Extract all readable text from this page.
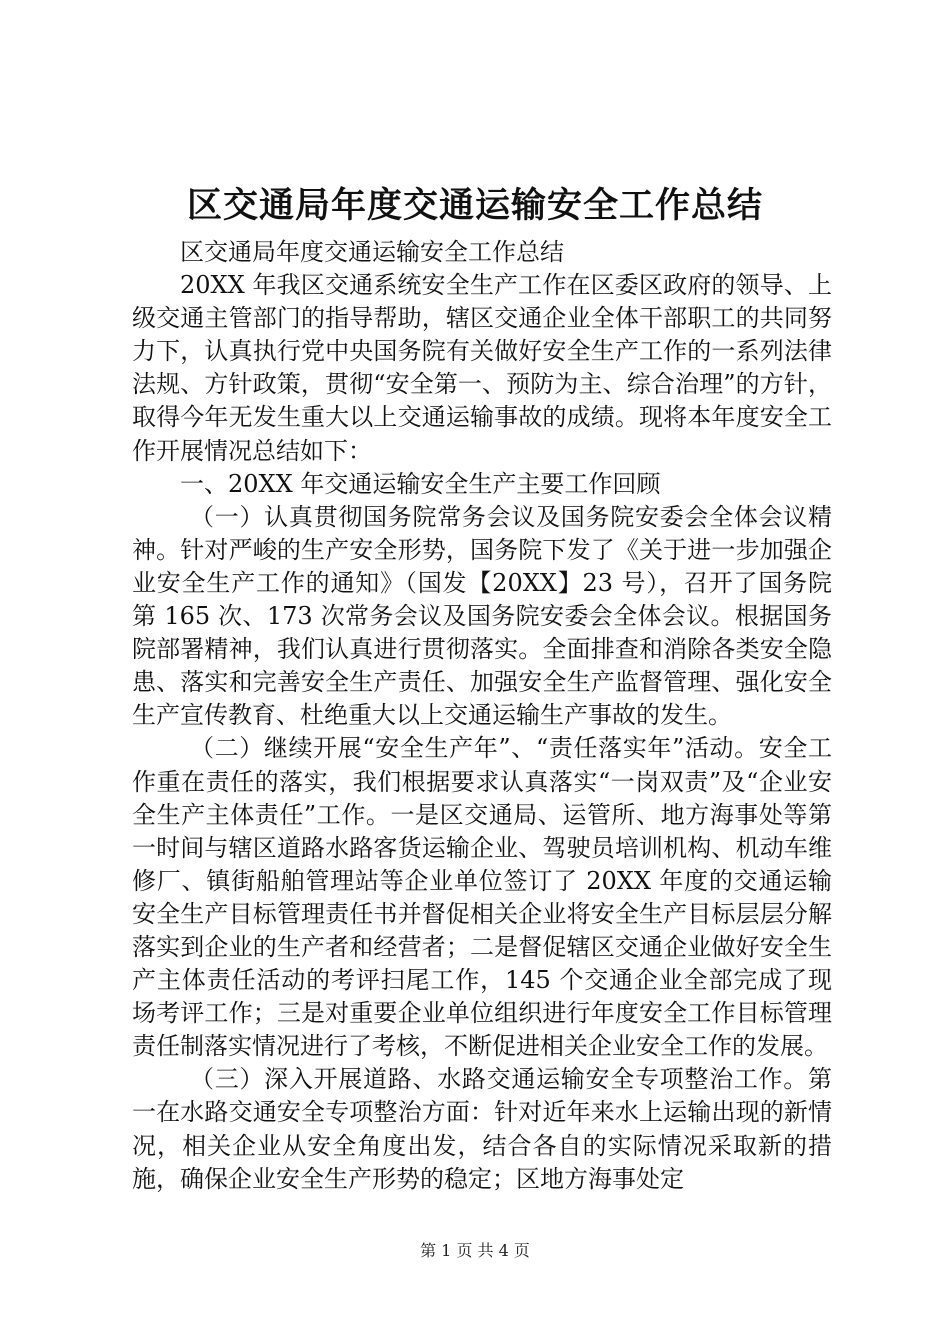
区交通局年度交通运输安全工作总结

区交通局年度交通运输安全工作总结

20XX 年我区交通系统安全生产工作在区委区政府的领导、上级交通主管部门的指导帮助，辖区交通企业全体干部职工的共同努力下，认真执行党中央国务院有关做好安全生产工作的一系列法律法规、方针政策，贯彻“安全第一、预防为主、综合治理”的方针，取得今年无发生重大以上交通运输事故的成绩。现将本年度安全工作开展情况总结如下：

一、20XX 年交通运输安全生产主要工作回顾

（一）认真贯彻国务院常务会议及国务院安委会全体会议精神。针对严峻的生产安全形势，国务院下发了《关于进一步加强企业安全生产工作的通知》（国发【20XX】23 号），召开了国务院第 165 次、173 次常务会议及国务院安委会全体会议。根据国务院部署精神，我们认真进行贯彻落实。全面排查和消除各类安全隐患、落实和完善安全生产责任、加强安全生产监督管理、强化安全生产宣传教育、杜绝重大以上交通运输生产事故的发生。

（二）继续开展“安全生产年”、“责任落实年”活动。安全工作重在责任的落实，我们根据要求认真落实“一岗双责”及“企业安全生产主体责任”工作。一是区交通局、运管所、地方海事处等第一时间与辖区道路水路客货运输企业、驾驶员培训机构、机动车维修厂、镇街船舶管理站等企业单位签订了 20XX 年度的交通运输安全生产目标管理责任书并督促相关企业将安全生产目标层层分解落实到企业的生产者和经营者；二是督促辖区交通企业做好安全生产主体责任活动的考评扫尾工作，145 个交通企业全部完成了现场考评工作；三是对重要企业单位组织进行年度安全工作目标管理责任制落实情况进行了考核，不断促进相关企业安全工作的发展。

（三）深入开展道路、水路交通运输安全专项整治工作。第一在水路交通安全专项整治方面：针对近年来水上运输出现的新情况，相关企业从安全角度出发，结合各自的实际情况采取新的措施，确保企业安全生产形势的稳定；区地方海事处定

第 1 页 共 4 页
